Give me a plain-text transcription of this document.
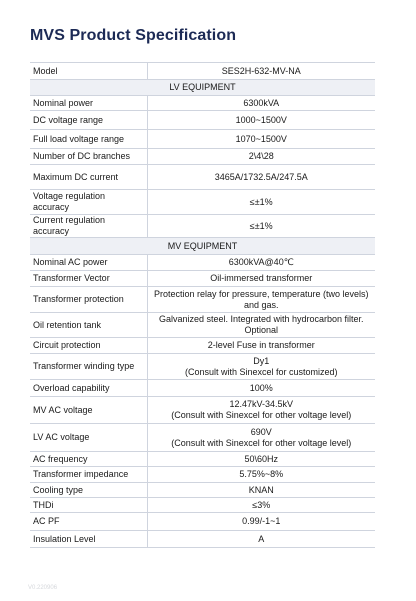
MVS Product Specification
Model	SES2H-632-MV-NA

LV EQUIPMENT	
Nominal power	6300kVA

DC voltage range	1000~1500V

Full load voltage range	1070~1500V

Number of DC branches	2\4\28

Maximum DC current	3465A/1732.5A/247.5A

Voltage regulation accuracy	≤±1%

Current regulation accuracy	≤±1%

MV EQUIPMENT	
Nominal AC power	6300kVA@40℃

Transformer Vector	Oil-immersed transformer

Transformer protection	Protection relay for pressure, temperature (two levels) and gas.

Oil retention tank	Galvanized steel. Integrated with hydrocarbon filter. Optional

Circuit protection	2-level Fuse in transformer

Transformer winding type	Dy1
(Consult with Sinexcel for customized)

Overload capability	100%

MV AC voltage	12.47kV-34.5kV
(Consult with Sinexcel for other voltage level)

LV AC voltage	690V
(Consult with Sinexcel for other voltage level)

AC frequency	50\60Hz

Transformer impedance	5.75%~8%

Cooling type	KNAN

THDi	≤3%

AC PF	0.99/-1~1

Insulation Level	A
V0.220906
